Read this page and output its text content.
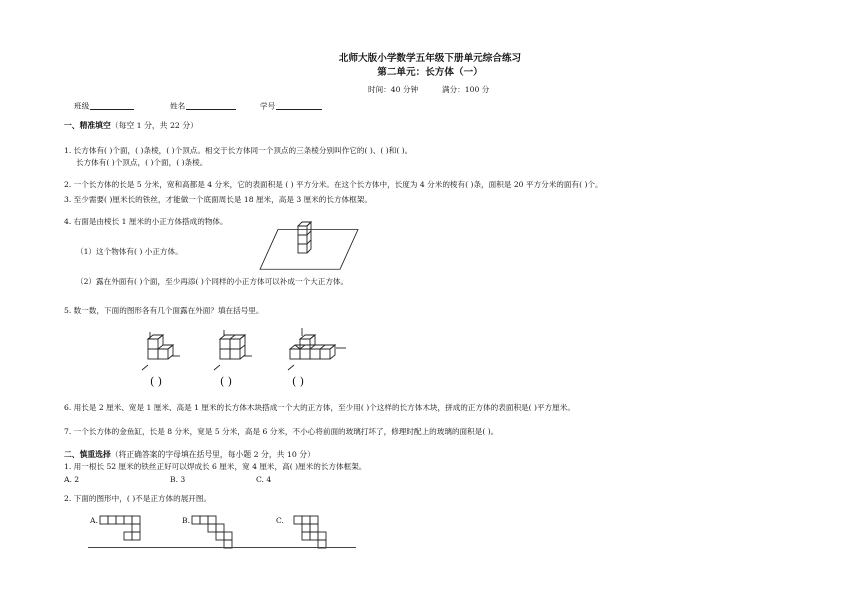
北师大版小学数学五年级下册单元综合练习
第二单元：长方体（一）
时间：40 分钟	满分：100 分
班级	姓名	学号
一、精准填空（每空 1 分，共 22 分）
1. 长方体有( )个面，( )条棱，( )个顶点。相交于长方体同一个顶点的三条棱分别叫作它的( )、( )和( )。
长方体有( )个顶点，( )个面，( )条棱。
2. 一个长方体的长是 5 分米，宽和高都是 4 分米，它的表面积是 ( ) 平方分米。在这个长方体中，长度为 4 分米的棱有( )条，面积是 20 平方分米的面有( )个。
3. 至少需要( )厘米长的铁丝，才能做一个底面周长是 18 厘米，高是 3 厘米的长方体框架。
4. 右面是由棱长 1 厘米的小正方体搭成的物体。
（1）这个物体有( ) 小正方体。
（2）露在外面有( )个面，至少再添( )个同样的小正方体可以补成一个大正方体。
5. 数一数，下面的图形各有几个面露在外面？填在括号里。
( )	( )	( )
6. 用长是 2 厘米、宽是 1 厘米、高是 1 厘米的长方体木块搭成一个大的正方体，至少用( )个这样的长方体木块，拼成的正方体的表面积是( )平方厘米。
7. 一个长方体的金鱼缸，长是 8 分米，宽是 5 分米，高是 6 分米，不小心将前面的玻璃打坏了，修理时配上的玻璃的面积是( )。
二、慎重选择（将正确答案的字母填在括号里，每小题 2 分，共 10 分）
1. 用一根长 52 厘米的铁丝正好可以焊成长 6 厘米，宽 4 厘米，高( )厘米的长方体框架。
A. 2	B. 3	C. 4
2. 下面的图形中，( )不是正方体的展开图。
A.	B.	C.
